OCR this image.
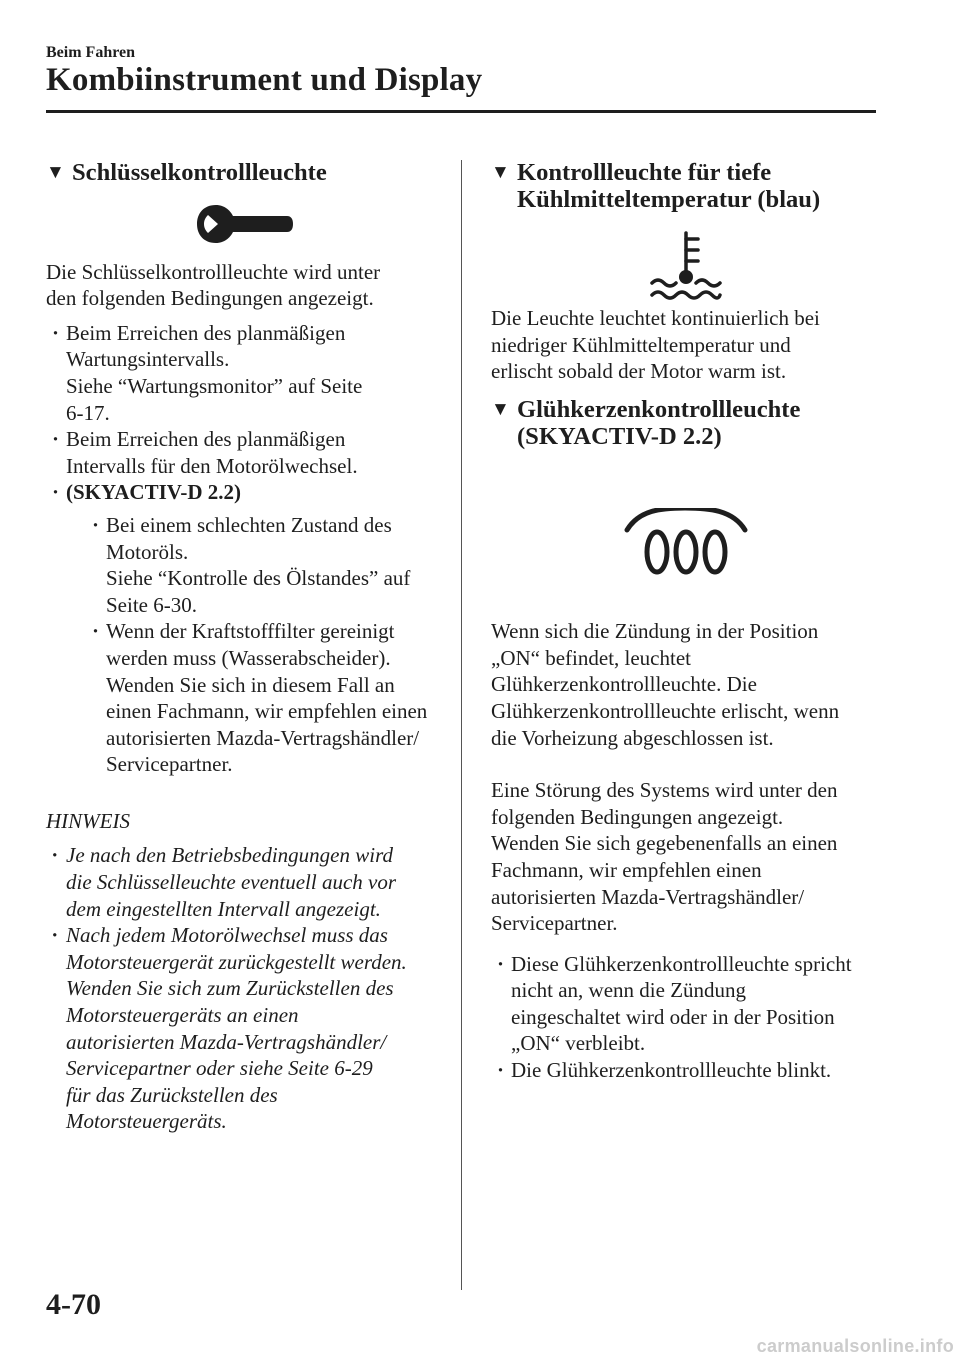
Beim Fahren
Kombiinstrument und Display
▼ Schlüsselkontrollleuchte

Die Schlüsselkontrollleuchte wird unter
den folgenden Bedingungen angezeigt.

· Beim Erreichen des planmäßigen
Wartungsintervalls.
Siehe “Wartungsmonitor” auf Seite
6-17.
· Beim Erreichen des planmäßigen
Intervalls für den Motorölwechsel.
· (SKYACTIV-D 2.2)
· Bei einem schlechten Zustand des
Motoröls.
Siehe “Kontrolle des Ölstandes” auf
Seite 6-30.
· Wenn der Kraftstofffilter gereinigt
werden muss (Wasserabscheider).
Wenden Sie sich in diesem Fall an
einen Fachmann, wir empfehlen einen
autorisierten Mazda-Vertragshändler/
Servicepartner.

HINWEIS

· Je nach den Betriebsbedingungen wird
die Schlüsselleuchte eventuell auch vor
dem eingestellten Intervall angezeigt.
· Nach jedem Motorölwechsel muss das
Motorsteuergerät zurückgestellt werden.
Wenden Sie sich zum Zurückstellen des
Motorsteuergeräts an einen
autorisierten Mazda-Vertragshändler/
Servicepartner oder siehe Seite 6-29
für das Zurückstellen des
Motorsteuergeräts.
▼ Kontrollleuchte für tiefe
Kühlmitteltemperatur (blau)

Die Leuchte leuchtet kontinuierlich bei
niedriger Kühlmitteltemperatur und
erlischt sobald der Motor warm ist.

▼ Glühkerzenkontrollleuchte
(SKYACTIV-D 2.2)

Wenn sich die Zündung in der Position
„ON“ befindet, leuchtet
Glühkerzenkontrollleuchte. Die
Glühkerzenkontrollleuchte erlischt, wenn
die Vorheizung abgeschlossen ist.

Eine Störung des Systems wird unter den
folgenden Bedingungen angezeigt.
Wenden Sie sich gegebenenfalls an einen
Fachmann, wir empfehlen einen
autorisierten Mazda-Vertragshändler/
Servicepartner.

· Diese Glühkerzenkontrollleuchte spricht
nicht an, wenn die Zündung
eingeschaltet wird oder in der Position
„ON“ verbleibt.
· Die Glühkerzenkontrollleuchte blinkt.
4-70
carmanualsonline.info
